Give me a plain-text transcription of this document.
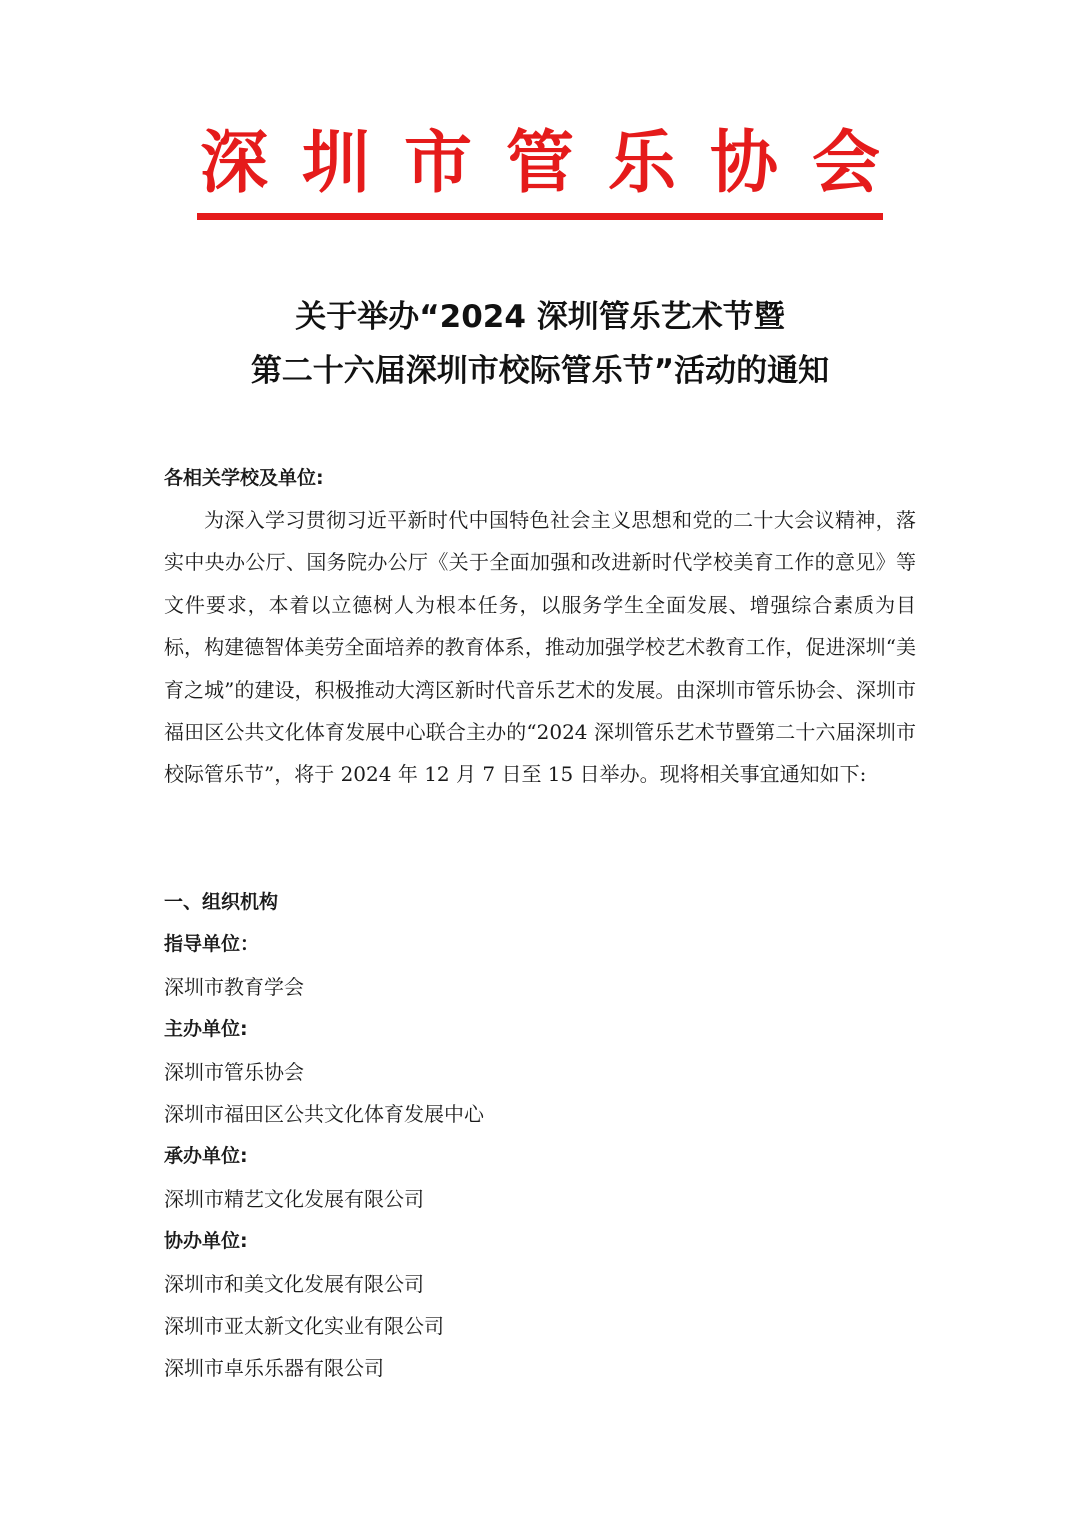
深圳市管乐协会
关于举办“2024 深圳管乐艺术节暨
第二十六届深圳市校际管乐节”活动的通知
各相关学校及单位:
为深入学习贯彻习近平新时代中国特色社会主义思想和党的二十大会议精神，落实中央办公厅、国务院办公厅《关于全面加强和改进新时代学校美育工作的意见》等文件要求，本着以立德树人为根本任务，以服务学生全面发展、增强综合素质为目标，构建德智体美劳全面培养的教育体系，推动加强学校艺术教育工作，促进深圳“美育之城”的建设，积极推动大湾区新时代音乐艺术的发展。由深圳市管乐协会、深圳市福田区公共文化体育发展中心联合主办的“2024 深圳管乐艺术节暨第二十六届深圳市校际管乐节”，将于 2024 年 12 月 7 日至 15 日举办。现将相关事宜通知如下:
一、组织机构
指导单位：
深圳市教育学会
主办单位:
深圳市管乐协会
深圳市福田区公共文化体育发展中心
承办单位:
深圳市精艺文化发展有限公司
协办单位:
深圳市和美文化发展有限公司
深圳市亚太新文化实业有限公司
深圳市卓乐乐器有限公司
